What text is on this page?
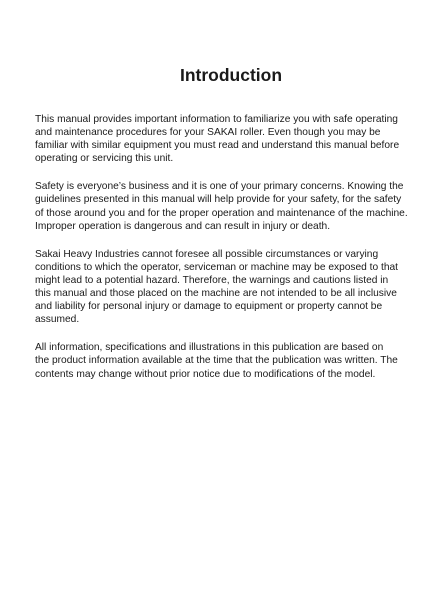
Introduction

This manual provides important information to familiarize you with safe operating
and maintenance procedures for your SAKAI roller. Even though you may be
familiar with similar equipment you must read and understand this manual before
operating or servicing this unit.

Safety is everyone’s business and it is one of your primary concerns. Knowing the
guidelines presented in this manual will help provide for your safety, for the safety
of those around you and for the proper operation and maintenance of the machine.
Improper operation is dangerous and can result in injury or death.

Sakai Heavy Industries cannot foresee all possible circumstances or varying
conditions to which the operator, serviceman or machine may be exposed to that
might lead to a potential hazard. Therefore, the warnings and cautions listed in
this manual and those placed on the machine are not intended to be all inclusive
and liability for personal injury or damage to equipment or property cannot be
assumed.

All information, specifications and illustrations in this publication are based on
the product information available at the time that the publication was written. The
contents may change without prior notice due to modifications of the model.
